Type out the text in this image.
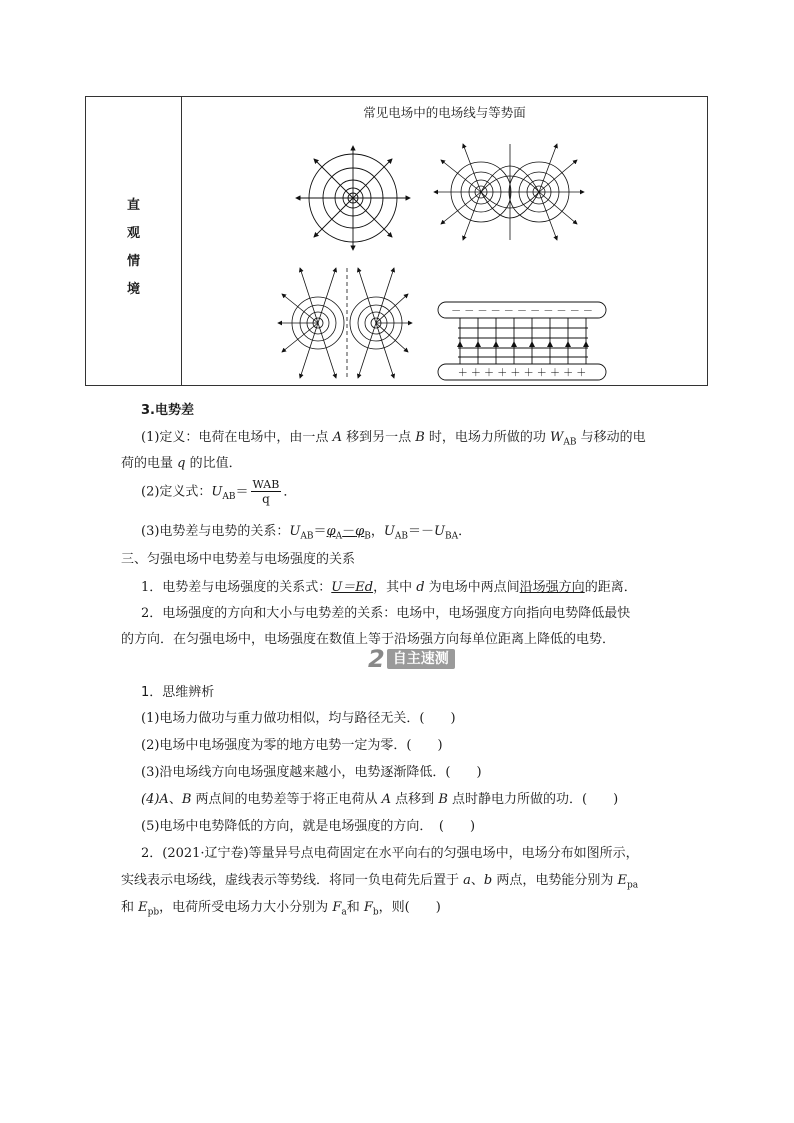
直
观
情
境
常见电场中的电场线与等势面
－ － － － － － － － － － －
＋ ＋ ＋ ＋ ＋ ＋ ＋ ＋ ＋ ＋
3.电势差
(1)定义：电荷在电场中，由一点 A 移到另一点 B 时，电场力所做的功 $W_{AB}$ 与移动的电
荷的电量 q 的比值．
(2)定义式：$U_{AB}= \frac{\text{WAB}}{q}$ ．
(3)电势差与电势的关系：$U_{AB}=\varphi_A-\varphi_B$，$U_{AB}=-U_{BA}$．
三、匀强电场中电势差与电场强度的关系
1．电势差与电场强度的关系式：U＝Ed，其中 d 为电场中两点间沿场强方向的距离．
2．电场强度的方向和大小与电势差的关系：电场中，电场强度方向指向电势降低最快
的方向．在匀强电场中，电场强度在数值上等于沿场强方向每单位距离上降低的电势．
2 自主速测
1．思维辨析
(1)电场力做功与重力做功相似，均与路径无关．(　　)
(2)电场中电场强度为零的地方电势一定为零．(　　)
(3)沿电场线方向电场强度越来越小，电势逐渐降低．(　　)
(4)A、B 两点间的电势差等于将正电荷从 A 点移到 B 点时静电力所做的功．(　　)
(5)电场中电势降低的方向，就是电场强度的方向．　(　　)
2．(2021·辽宁卷)等量异号点电荷固定在水平向右的匀强电场中，电场分布如图所示，
实线表示电场线，虚线表示等势线．将同一负电荷先后置于 a、b 两点，电势能分别为 $E_{pa}$
和 $E_{pb}$，电荷所受电场力大小分别为 $F_a$和 $F_b$，则(　　)
